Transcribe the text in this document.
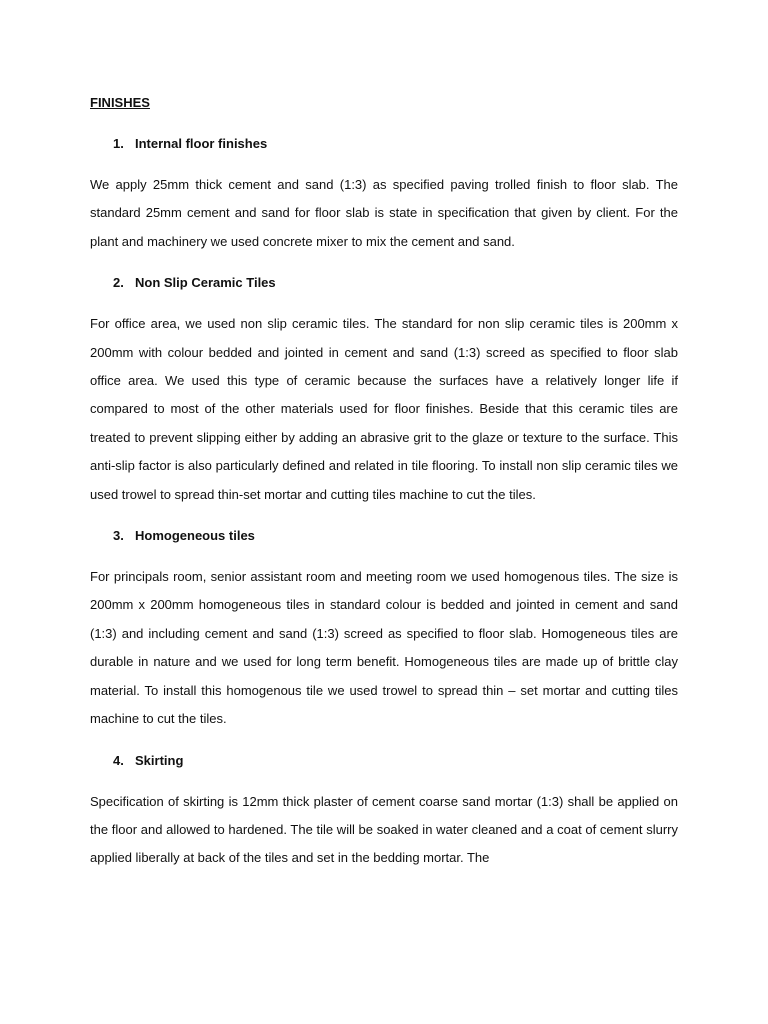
FINISHES

1. Internal floor finishes

We apply 25mm thick cement and sand (1:3) as specified paving trolled finish to floor slab. The standard 25mm cement and sand for floor slab is state in specification that given by client. For the plant and machinery we used concrete mixer to mix the cement and sand.

2. Non Slip Ceramic Tiles

For office area, we used non slip ceramic tiles. The standard for non slip ceramic tiles is 200mm x 200mm with colour bedded and jointed in cement and sand (1:3) screed as specified to floor slab office area. We used this type of ceramic because the surfaces have a relatively longer life if compared to most of the other materials used for floor finishes. Beside that this ceramic tiles are treated to prevent slipping either by adding an abrasive grit to the glaze or texture to the surface. This anti-slip factor is also particularly defined and related in tile flooring. To install non slip ceramic tiles we used trowel to spread thin-set mortar and cutting tiles machine to cut the tiles.

3. Homogeneous tiles

For principals room, senior assistant room and meeting room we used homogenous tiles. The size is 200mm x 200mm homogeneous tiles in standard colour is bedded and jointed in cement and sand (1:3) and including cement and sand (1:3) screed as specified to floor slab. Homogeneous tiles are durable in nature and we used for long term benefit. Homogeneous tiles are made up of brittle clay material. To install this homogenous tile we used trowel to spread thin – set mortar and cutting tiles machine to cut the tiles.

4. Skirting

Specification of skirting is 12mm thick plaster of cement coarse sand mortar (1:3) shall be applied on the floor and allowed to hardened. The tile will be soaked in water cleaned and a coat of cement slurry applied liberally at back of the tiles and set in the bedding mortar. The
